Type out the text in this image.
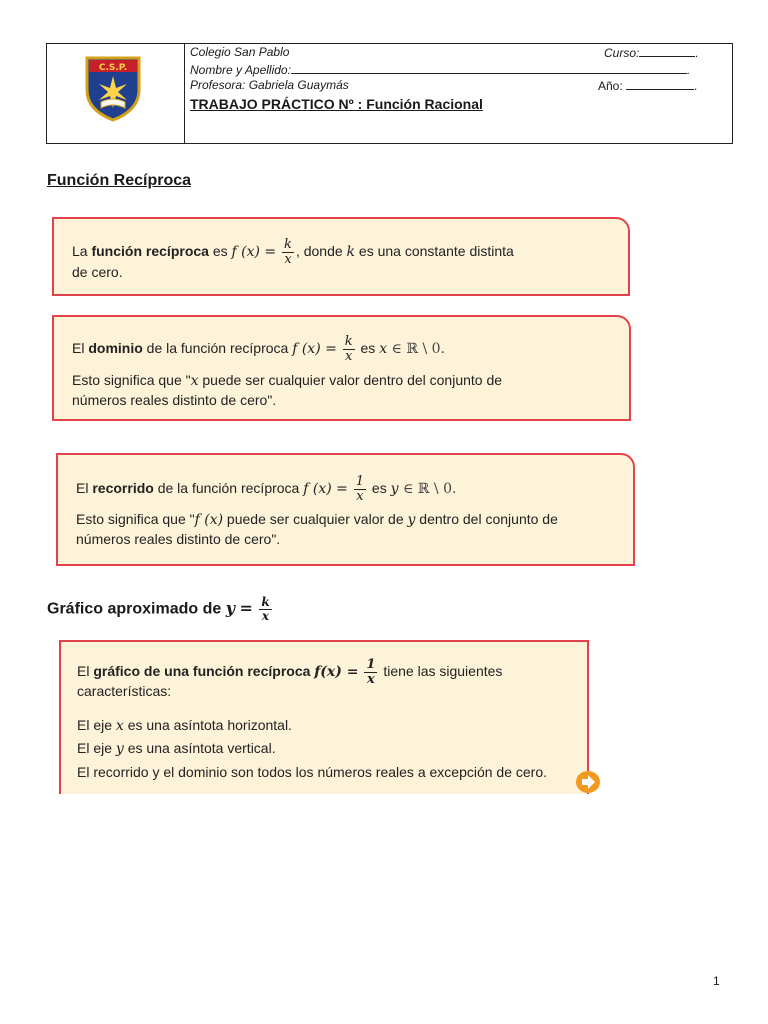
C.S.P.
Colegio San Pablo	Curso:	.
Nombre y Apellido:	.
Profesora: Gabriela Guaymás	Año:	.
TRABAJO PRÁCTICO Nº : Función Racional
Función Recíproca
La función recíproca es f $(x) = \frac{k}{x}$ , donde k es una constante distinta
de cero.
El dominio de la función recíproca f $(x) = \frac{k}{x}$ es x ∈ ℝ \ 0.
Esto significa que "x puede ser cualquier valor dentro del conjunto de
números reales distinto de cero".
El recorrido de la función recíproca f $(x) = \frac{1}{x}$ es y ∈ ℝ \ 0.
Esto significa que "f (x) puede ser cualquier valor de y dentro del conjunto de
números reales distinto de cero".
Gráfico aproximado de $y = \frac{k}{x}$
El gráfico de una función recíproca $f(x) = \frac{1}{x}$ tiene las siguientes
características:
El eje x es una asíntota horizontal.
El eje y es una asíntota vertical.
El recorrido y el dominio son todos los números reales a excepción de cero.
1
